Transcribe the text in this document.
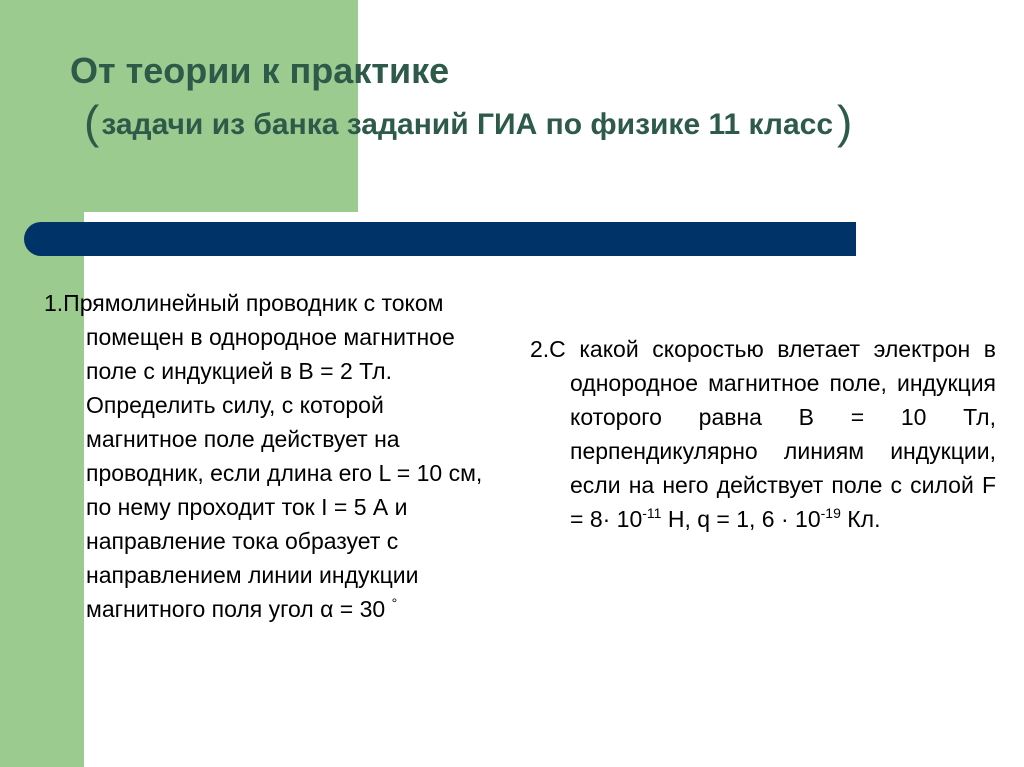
От теории к практике
(задачи из банка заданий ГИА по физике 11 класс)

1.Прямолинейный проводник с током помещен в однородное магнитное поле с индукцией в В = 2 Тл. Определить силу, с которой магнитное поле действует на проводник, если длина его L = 10 см, по нему проходит ток I = 5 А и направление тока образует с направлением линии индукции магнитного поля угол α = 30 °

2.С какой скоростью влетает электрон в однородное магнитное поле, индукция которого равна В = 10 Тл, перпендикулярно линиям индукции, если на него действует поле с силой $F = 8\cdot 10^{-11}$ Н, q = 1, $6 \cdot 10^{-19}$ Кл.
